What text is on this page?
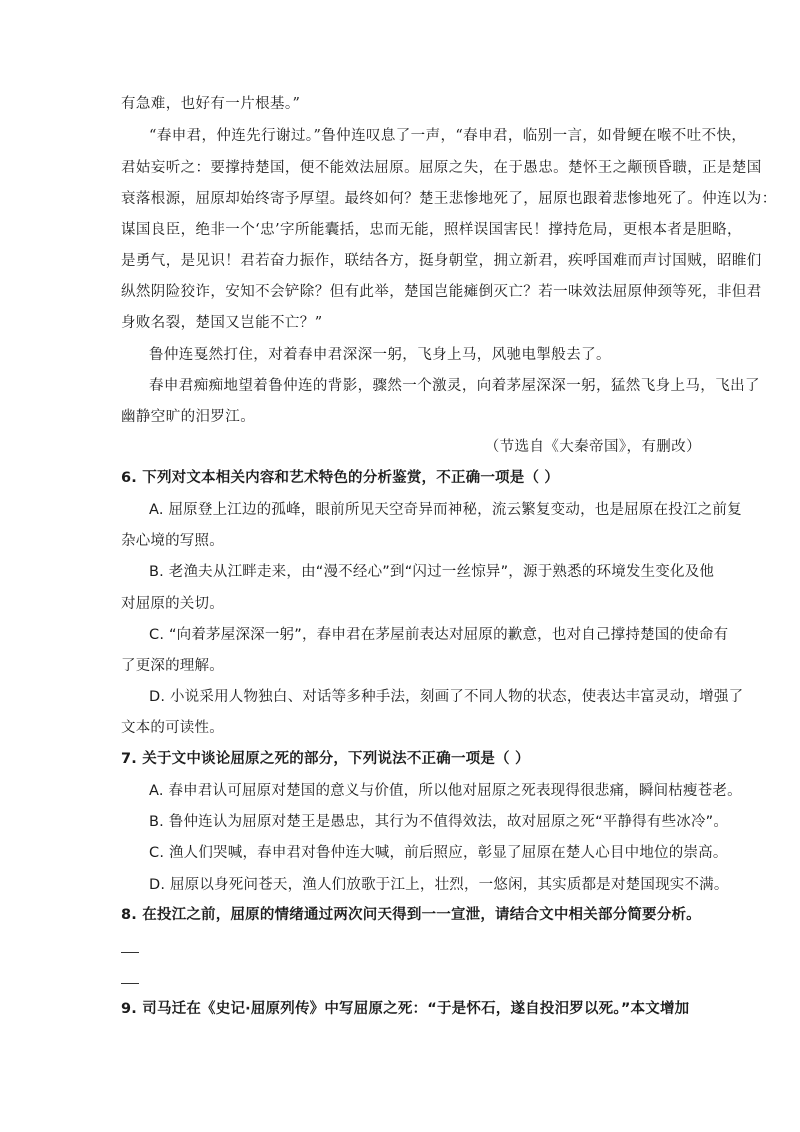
有急难，也好有一片根基。”
“春申君，仲连先行谢过。”鲁仲连叹息了一声，“春申君，临别一言，如骨鲠在喉不吐不快，
君姑妄听之：要撑持楚国，便不能效法屈原。屈原之失，在于愚忠。楚怀王之颟顸昏聩，正是楚国
衰落根源，屈原却始终寄予厚望。最终如何？楚王悲惨地死了，屈原也跟着悲惨地死了。仲连以为：
谋国良臣，绝非一个‘忠’字所能囊括，忠而无能，照样误国害民！撑持危局，更根本者是胆略，
是勇气，是见识！君若奋力振作，联结各方，挺身朝堂，拥立新君，疾呼国难而声讨国贼，昭睢们
纵然阴险狡诈，安知不会铲除？但有此举，楚国岂能瘫倒灭亡？若一味效法屈原伸颈等死，非但君
身败名裂，楚国又岂能不亡？”
鲁仲连戛然打住，对着春申君深深一躬，飞身上马，风驰电掣般去了。
春申君痴痴地望着鲁仲连的背影，骤然一个激灵，向着茅屋深深一躬，猛然飞身上马，飞出了
幽静空旷的汨罗江。
（节选自《大秦帝国》，有删改）
6. 下列对文本相关内容和艺术特色的分析鉴赏，不正确一项是（ ）
A. 屈原登上江边的孤峰，眼前所见天空奇异而神秘，流云繁复变动，也是屈原在投江之前复
杂心境的写照。
B. 老渔夫从江畔走来，由“漫不经心”到“闪过一丝惊异”，源于熟悉的环境发生变化及他
对屈原的关切。
C. “向着茅屋深深一躬”，春申君在茅屋前表达对屈原的歉意，也对自己撑持楚国的使命有
了更深的理解。
D. 小说采用人物独白、对话等多种手法，刻画了不同人物的状态，使表达丰富灵动，增强了
文本的可读性。
7. 关于文中谈论屈原之死的部分，下列说法不正确一项是（ ）
A. 春申君认可屈原对楚国的意义与价值，所以他对屈原之死表现得很悲痛，瞬间枯瘦苍老。
B. 鲁仲连认为屈原对楚王是愚忠，其行为不值得效法，故对屈原之死“平静得有些冰冷”。
C. 渔人们哭喊，春申君对鲁仲连大喊，前后照应，彰显了屈原在楚人心目中地位的崇高。
D. 屈原以身死问苍天，渔人们放歌于江上，壮烈，一悠闲，其实质都是对楚国现实不满。
8. 在投江之前，屈原的情绪通过两次问天得到一一宣泄，请结合文中相关部分简要分析。
9. 司马迁在《史记·屈原列传》中写屈原之死：“于是怀石，遂自投汨罗以死。”本文增加
